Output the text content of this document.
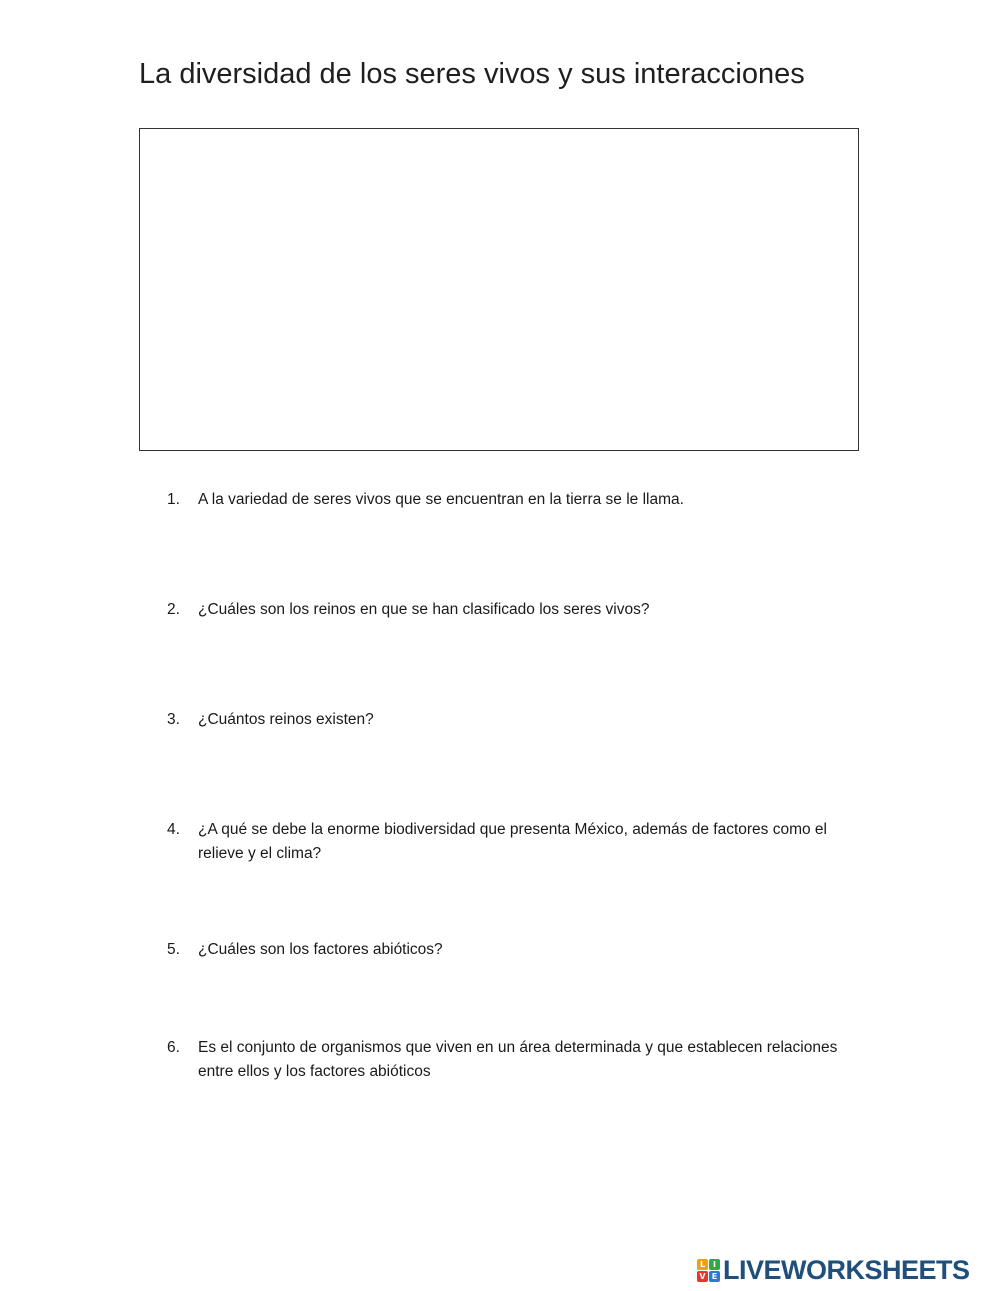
La diversidad de los seres vivos y sus interacciones
1. A la variedad de seres vivos que se encuentran en la tierra se le llama.
2. ¿Cuáles son los reinos en que se han clasificado los seres vivos?
3. ¿Cuántos reinos existen?
4. ¿A qué se debe la enorme biodiversidad que presenta México, además de factores como el relieve y el clima?
5. ¿Cuáles son los factores abióticos?
6. Es el conjunto de organismos que viven en un área determinada y que establecen relaciones entre ellos y los factores abióticos
L I
V E LIVEWORKSHEETS
